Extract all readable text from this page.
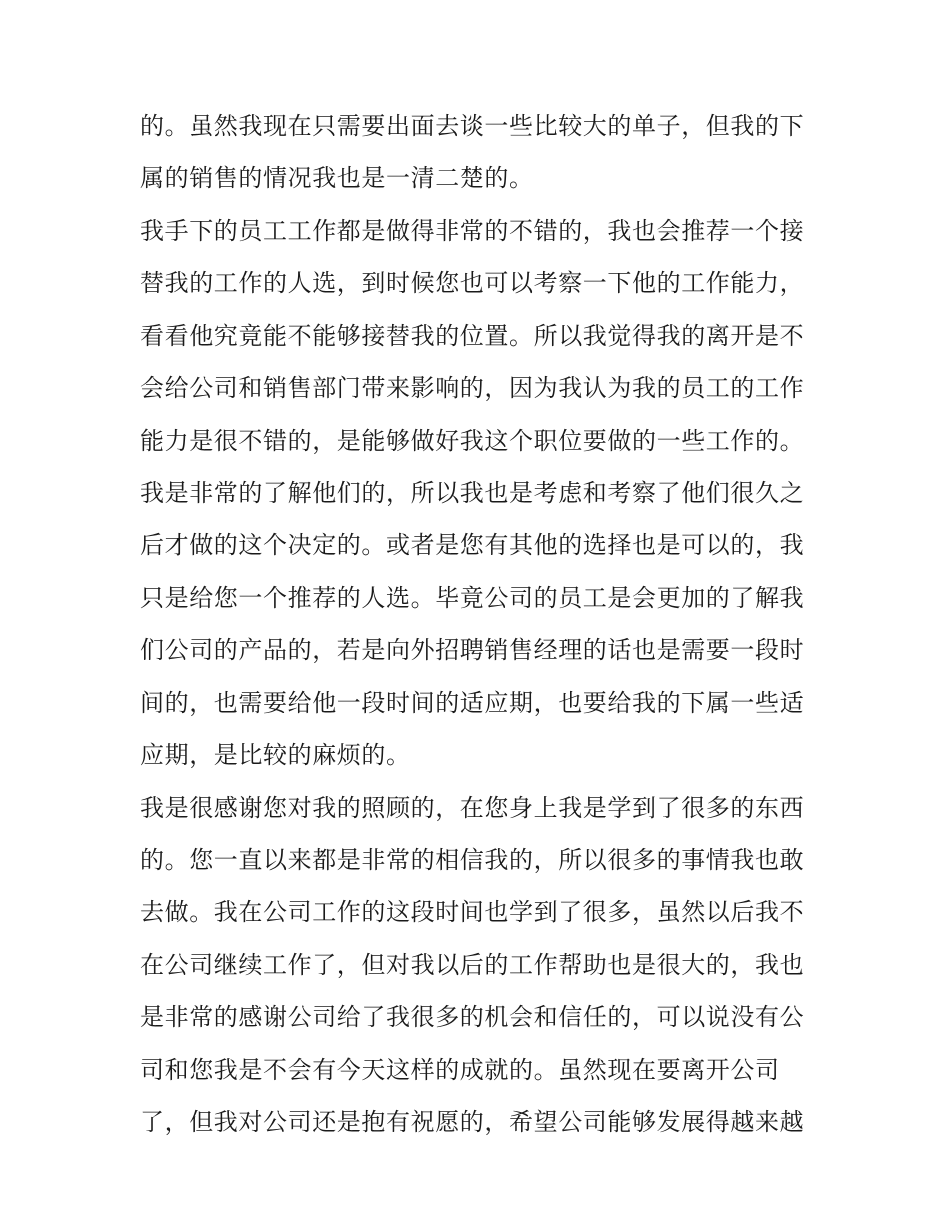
的。虽然我现在只需要出面去谈一些比较大的单子，但我的下
属的销售的情况我也是一清二楚的。
我手下的员工工作都是做得非常的不错的，我也会推荐一个接
替我的工作的人选，到时候您也可以考察一下他的工作能力，
看看他究竟能不能够接替我的位置。所以我觉得我的离开是不
会给公司和销售部门带来影响的，因为我认为我的员工的工作
能力是很不错的，是能够做好我这个职位要做的一些工作的。
我是非常的了解他们的，所以我也是考虑和考察了他们很久之
后才做的这个决定的。或者是您有其他的选择也是可以的，我
只是给您一个推荐的人选。毕竟公司的员工是会更加的了解我
们公司的产品的，若是向外招聘销售经理的话也是需要一段时
间的，也需要给他一段时间的适应期，也要给我的下属一些适
应期，是比较的麻烦的。
我是很感谢您对我的照顾的，在您身上我是学到了很多的东西
的。您一直以来都是非常的相信我的，所以很多的事情我也敢
去做。我在公司工作的这段时间也学到了很多，虽然以后我不
在公司继续工作了，但对我以后的工作帮助也是很大的，我也
是非常的感谢公司给了我很多的机会和信任的，可以说没有公
司和您我是不会有今天这样的成就的。虽然现在要离开公司
了，但我对公司还是抱有祝愿的，希望公司能够发展得越来越
